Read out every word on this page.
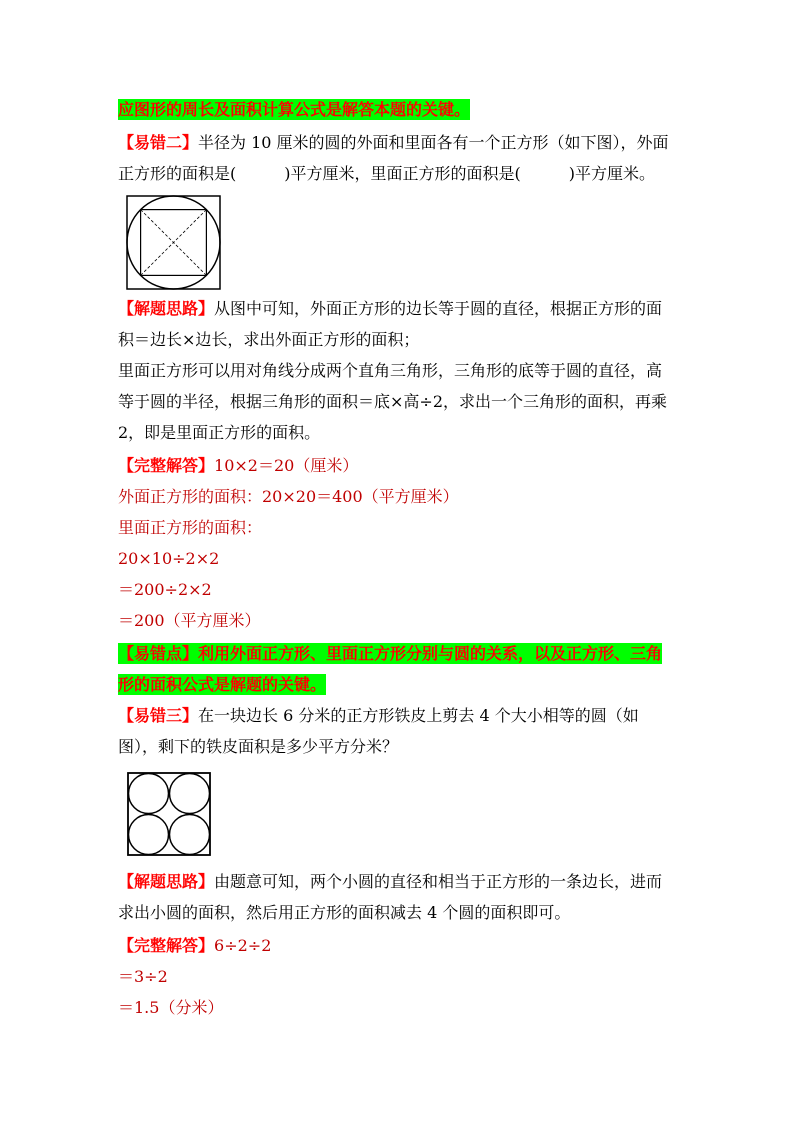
应图形的周长及面积计算公式是解答本题的关键。
【易错二】半径为 10 厘米的圆的外面和里面各有一个正方形（如下图），外面
正方形的面积是(　　　)平方厘米，里面正方形的面积是(　　　)平方厘米。
【解题思路】从图中可知，外面正方形的边长等于圆的直径，根据正方形的面
积＝边长×边长，求出外面正方形的面积；
里面正方形可以用对角线分成两个直角三角形，三角形的底等于圆的直径，高
等于圆的半径，根据三角形的面积＝底×高÷2，求出一个三角形的面积，再乘
2，即是里面正方形的面积。
【完整解答】10×2＝20（厘米）
外面正方形的面积：20×20＝400（平方厘米）
里面正方形的面积：
20×10÷2×2
＝200÷2×2
＝200（平方厘米）
【易错点】利用外面正方形、里面正方形分别与圆的关系，以及正方形、三角
形的面积公式是解题的关键。
【易错三】在一块边长 6 分米的正方形铁皮上剪去 4 个大小相等的圆（如
图），剩下的铁皮面积是多少平方分米？
【解题思路】由题意可知，两个小圆的直径和相当于正方形的一条边长，进而
求出小圆的面积，然后用正方形的面积减去 4 个圆的面积即可。
【完整解答】6÷2÷2
＝3÷2
＝1.5（分米）
